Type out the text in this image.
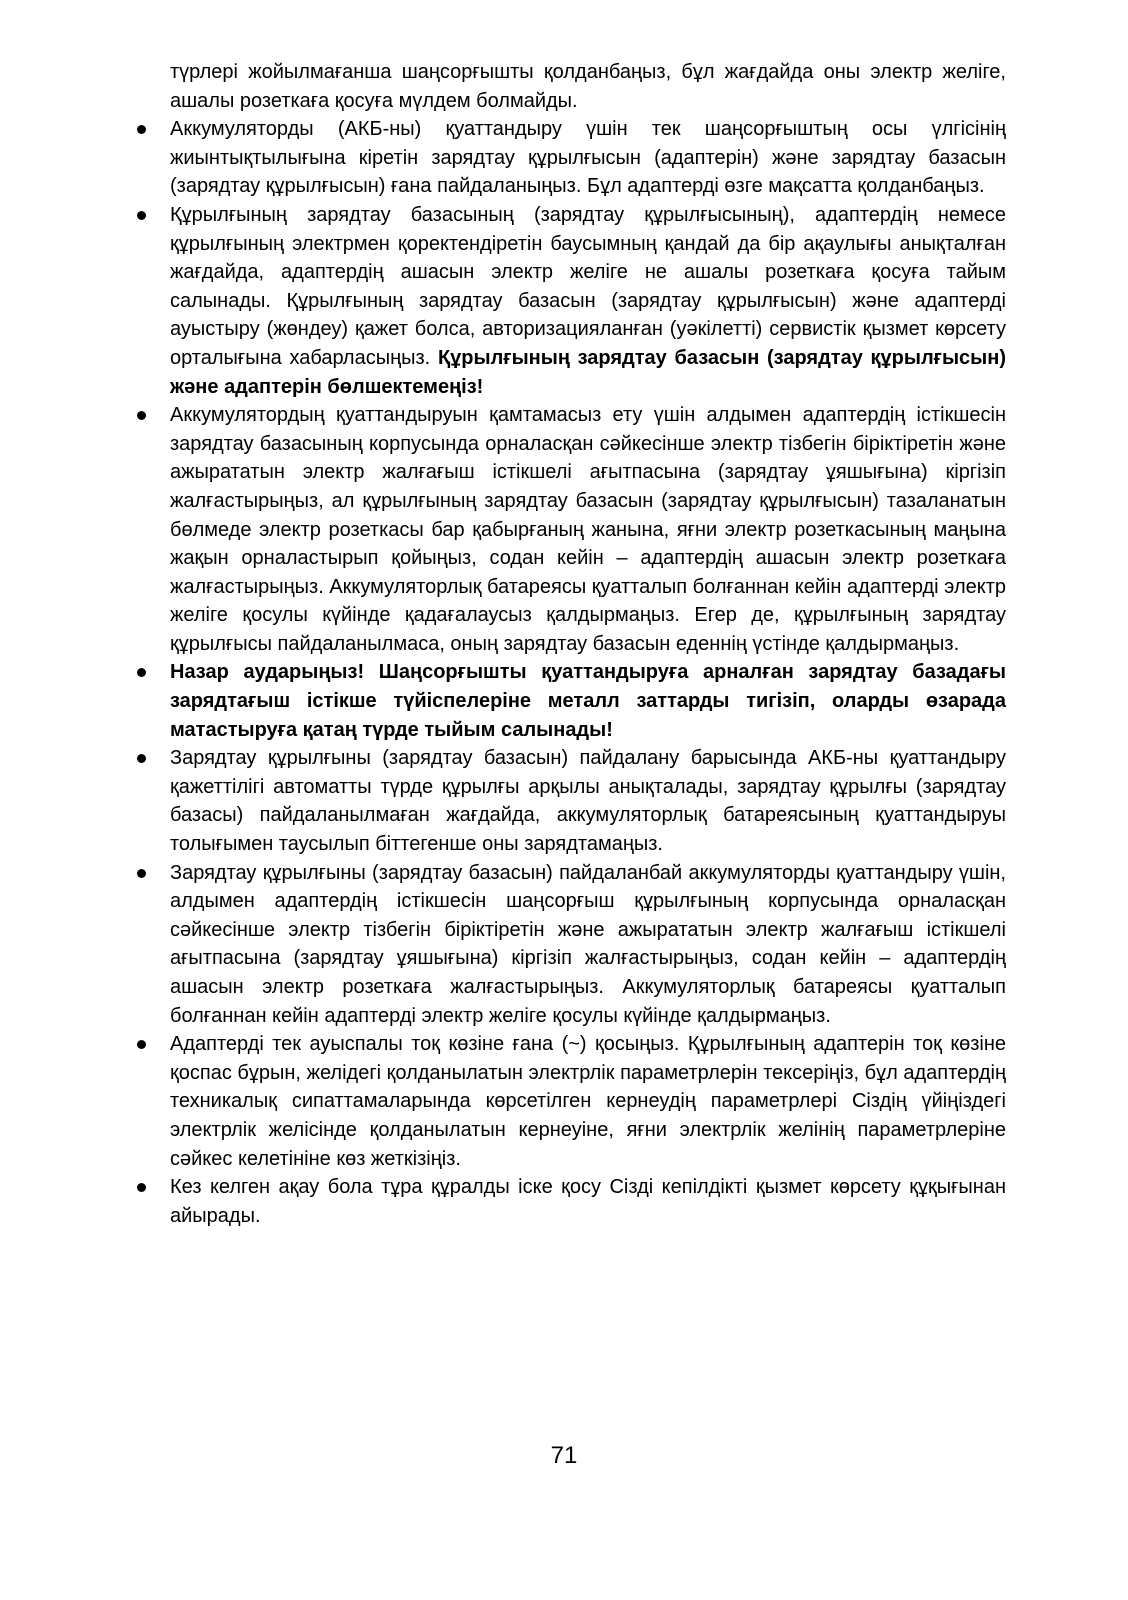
түрлері жойылмағанша шаңсорғышты қолданбаңыз, бұл жағдайда оны электр желіге, ашалы розеткаға қосуға мүлдем болмайды.

Аккумуляторды (АКБ-ны) қуаттандыру үшін тек шаңсорғыштың осы үлгісінің жиынтықтылығына кіретін зарядтау құрылғысын (адаптерін) және зарядтау базасын (зарядтау құрылғысын) ғана пайдаланыңыз. Бұл адаптерді өзге мақсатта қолданбаңыз.
Құрылғының зарядтау базасының (зарядтау құрылғысының), адаптердің немесе құрылғының электрмен қоректендіретін баусымның қандай да бір ақаулығы анықталған жағдайда, адаптердің ашасын электр желіге не ашалы розеткаға қосуға тайым салынады. Құрылғының зарядтау базасын (зарядтау құрылғысын) және адаптерді ауыстыру (жөндеу) қажет болса, авторизацияланған (уәкілетті) сервистік қызмет көрсету орталығына хабарласыңыз. Құрылғының зарядтау базасын (зарядтау құрылғысын) және адаптерін бөлшектемеңіз!
Аккумулятордың қуаттандыруын қамтамасыз ету үшін алдымен адаптердің істікшесін зарядтау базасының корпусында орналасқан сәйкесінше электр тізбегін біріктіретін және ажырататын электр жалғағыш істікшелі ағытпасына (зарядтау ұяшығына) кіргізіп жалғастырыңыз, ал құрылғының зарядтау базасын (зарядтау құрылғысын) тазаланатын бөлмеде электр розеткасы бар қабырғаның жанына, яғни электр розеткасының маңына жақын орналастырып қойыңыз, содан кейін – адаптердің ашасын электр розеткаға жалғастырыңыз. Аккумуляторлық батареясы қуатталып болғаннан кейін адаптерді электр желіге қосулы күйінде қадағалаусыз қалдырмаңыз. Егер де, құрылғының зарядтау құрылғысы пайдаланылмаса, оның зарядтау базасын еденнің үстінде қалдырмаңыз.
Назар аударыңыз! Шаңсорғышты қуаттандыруға арналған зарядтау базадағы зарядтағыш істікше түйіспелеріне металл заттарды тигізіп, оларды өзарада матастыруға қатаң түрде тыйым салынады!
Зарядтау құрылғыны (зарядтау базасын) пайдалану барысында АКБ-ны қуаттандыру қажеттілігі автоматты түрде құрылғы арқылы анықталады, зарядтау құрылғы (зарядтау базасы) пайдаланылмаған жағдайда, аккумуляторлық батареясының қуаттандыруы толығымен таусылып біттегенше оны зарядтамаңыз.
Зарядтау құрылғыны (зарядтау базасын) пайдаланбай аккумуляторды қуаттандыру үшін, алдымен адаптердің істікшесін шаңсорғыш құрылғының корпусында орналасқан сәйкесінше электр тізбегін біріктіретін және ажырататын электр жалғағыш істікшелі ағытпасына (зарядтау ұяшығына) кіргізіп жалғастырыңыз, содан кейін – адаптердің ашасын электр розеткаға жалғастырыңыз. Аккумуляторлық батареясы қуатталып болғаннан кейін адаптерді электр желіге қосулы күйінде қалдырмаңыз.
Адаптерді тек ауыспалы тоқ көзіне ғана (~) қосыңыз. Құрылғының адаптерін тоқ көзіне қоспас бұрын, желідегі қолданылатын электрлік параметрлерін тексеріңіз, бұл адаптердің техникалық сипаттамаларында көрсетілген кернеудің параметрлері Сіздің үйіңіздегі электрлік желісінде қолданылатын кернеуіне, яғни электрлік желінің параметрлеріне сәйкес келетініне көз жеткізіңіз.
Кез келген ақау бола тұра құралды іске қосу Сізді кепілдікті қызмет көрсету құқығынан айырады.
71
